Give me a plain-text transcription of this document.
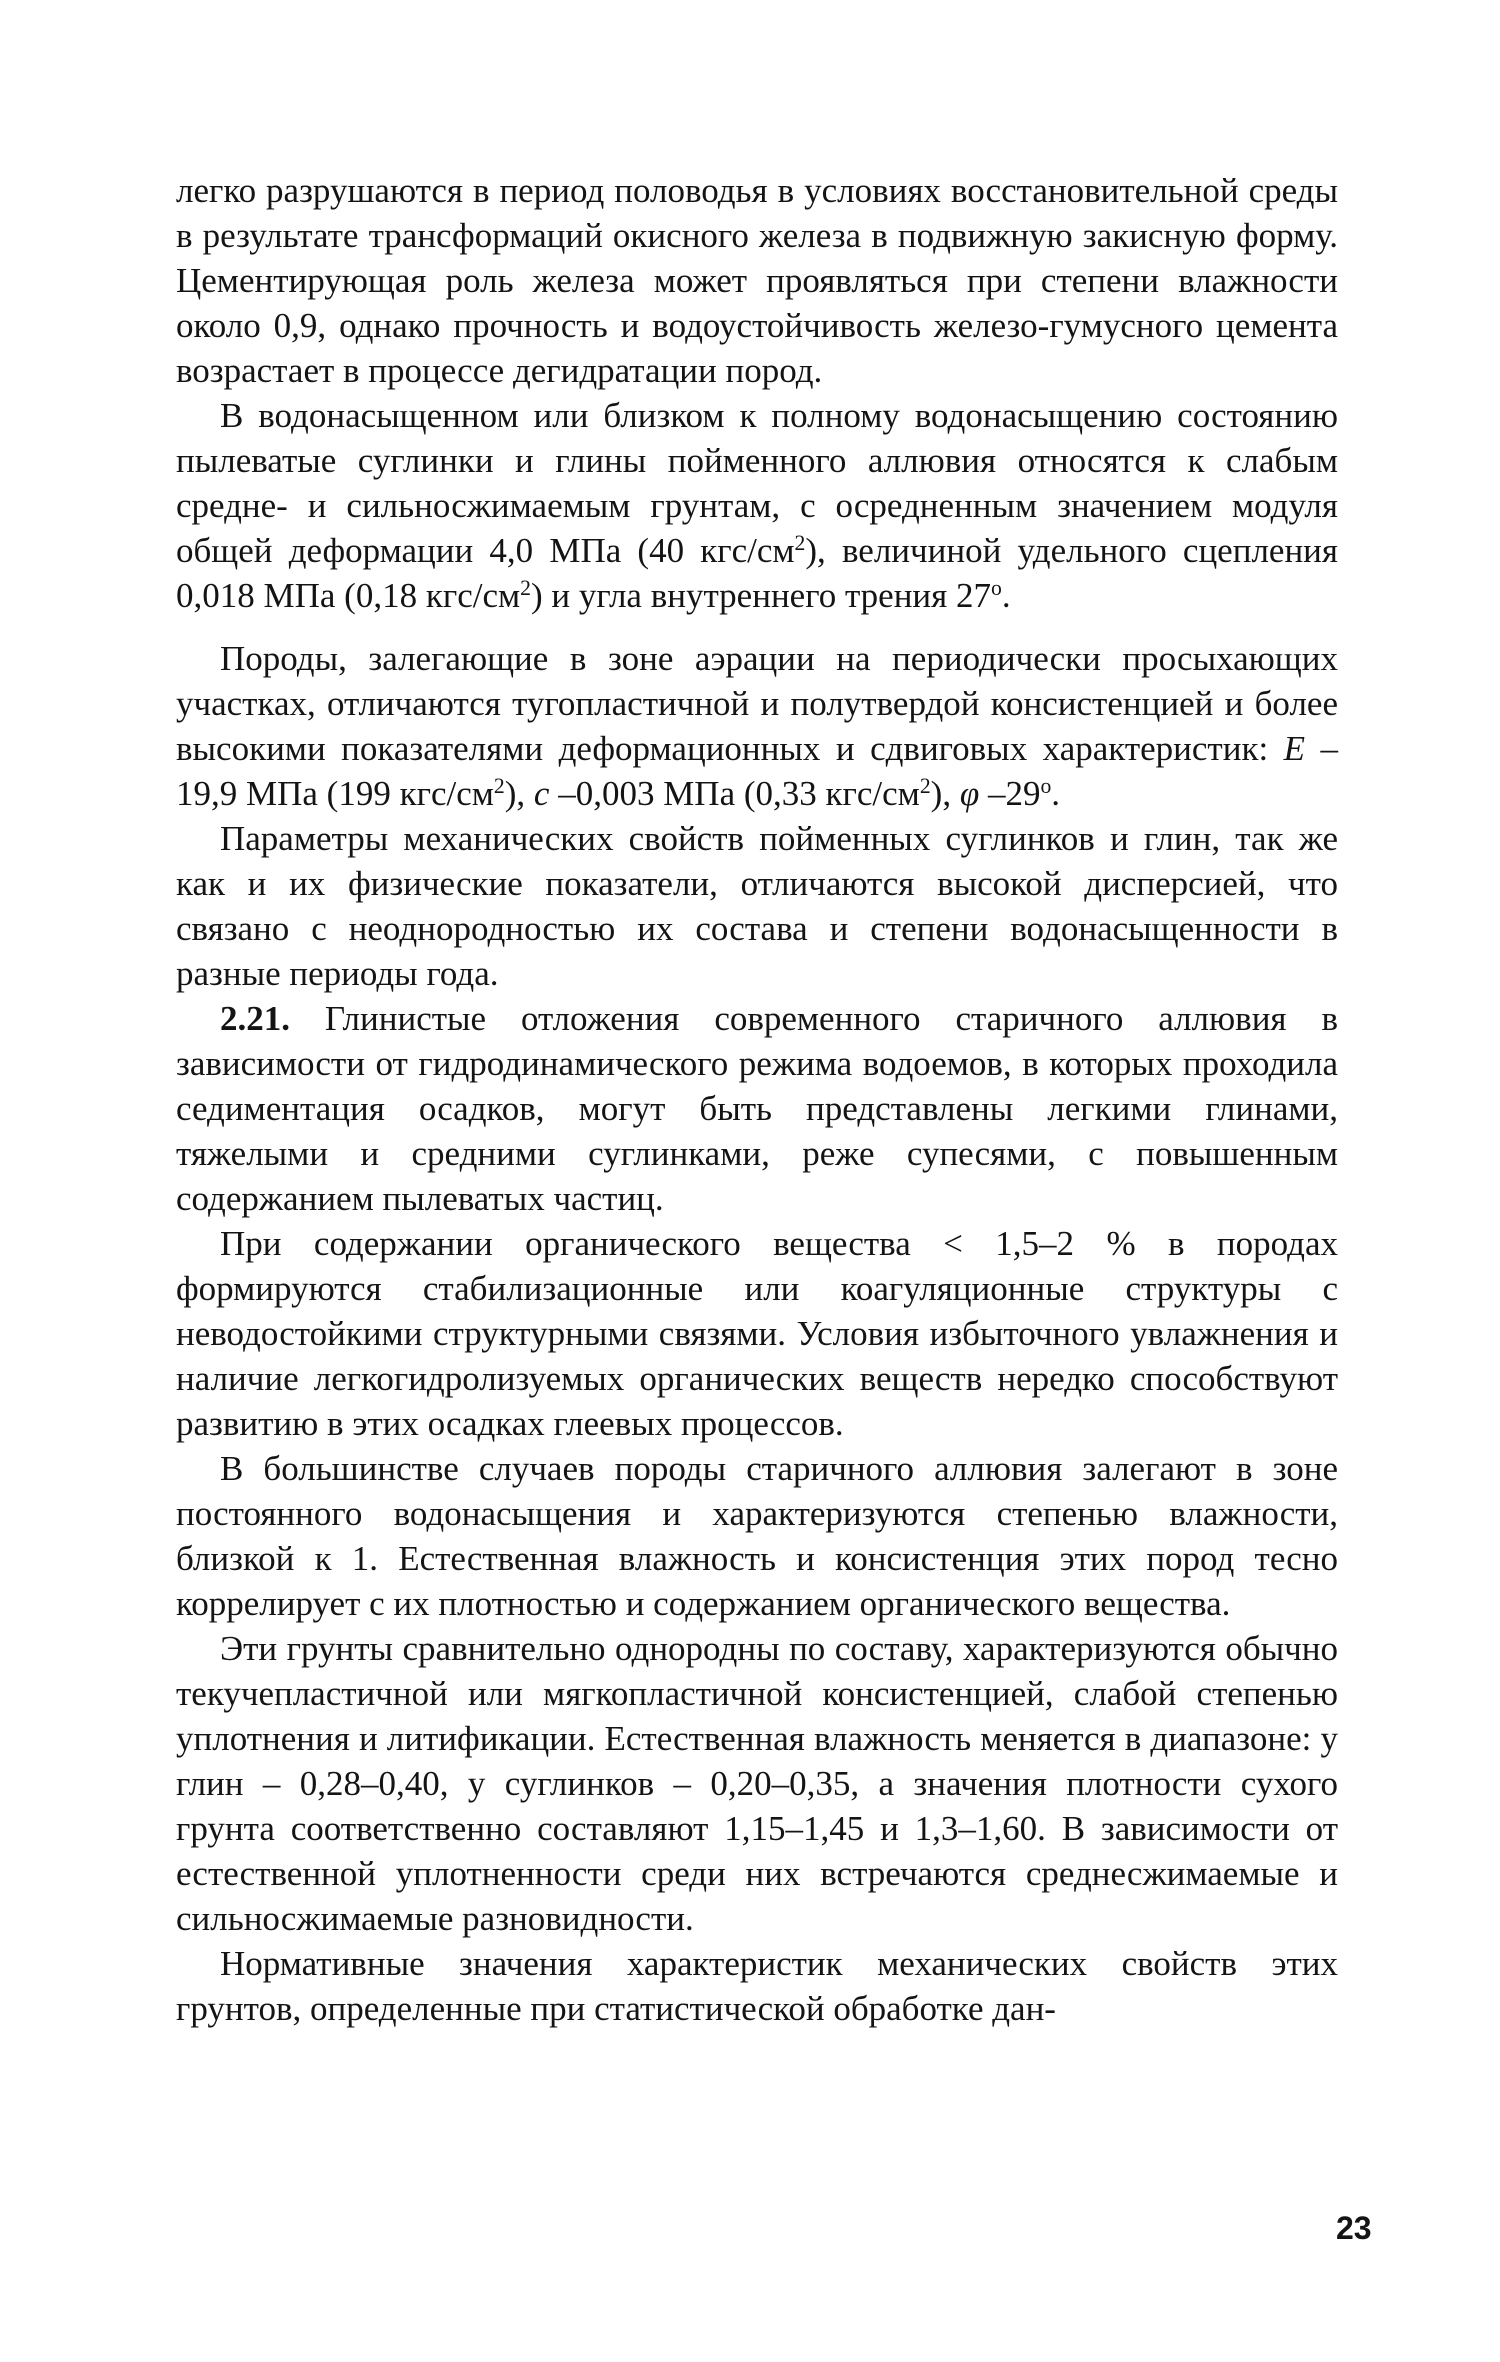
легко разрушаются в период половодья в условиях восстановительной среды в результате трансформаций окисного железа в подвижную закисную форму. Цементирующая роль железа может проявляться при степени влажности около 0,9, однако прочность и водоустойчивость железо-гумусного цемента возрастает в процессе дегидратации пород.

В водонасыщенном или близком к полному водонасыщению состоянию пылеватые суглинки и глины пойменного аллювия относятся к слабым средне- и сильносжимаемым грунтам, с осредненным значением модуля общей деформации 4,0 МПа (40 кгс/$см^2$), величиной удельного сцепления 0,018 МПа (0,18 кгс/$см^2$) и угла внутреннего трения $27^о$.

Породы, залегающие в зоне аэрации на периодически просыхающих участках, отличаются тугопластичной и полутвердой консистенцией и более высокими показателями деформационных и сдвиговых характеристик: Е –19,9 МПа (199 кгс/$см^2$), с –0,003 МПа (0,33 кгс/$см^2$), φ $-29^о$.

Параметры механических свойств пойменных суглинков и глин, так же как и их физические показатели, отличаются высокой дисперсией, что связано с неоднородностью их состава и степени водонасыщенности в разные периоды года.

2.21. Глинистые отложения современного старичного аллювия в зависимости от гидродинамического режима водоемов, в которых проходила седиментация осадков, могут быть представлены легкими глинами, тяжелыми и средними суглинками, реже супесями, с повышенным содержанием пылеватых частиц.

При содержании органического вещества < 1,5–2 % в породах формируются стабилизационные или коагуляционные структуры с неводостойкими структурными связями. Условия избыточного увлажнения и наличие легкогидролизуемых органических веществ нередко способствуют развитию в этих осадках глеевых процессов.

В большинстве случаев породы старичного аллювия залегают в зоне постоянного водонасыщения и характеризуются степенью влажности, близкой к 1. Естественная влажность и консистенция этих пород тесно коррелирует с их плотностью и содержанием органического вещества.

Эти грунты сравнительно однородны по составу, характеризуются обычно текучепластичной или мягкопластичной консистенцией, слабой степенью уплотнения и литификации. Естественная влажность меняется в диапазоне: у глин – 0,28–0,40, у суглинков – 0,20–0,35, а значения плотности сухого грунта соответственно составляют 1,15–1,45 и 1,3–1,60. В зависимости от естественной уплотненности среди них встречаются среднесжимаемые и сильносжимаемые разновидности.

Нормативные значения характеристик механических свойств этих грунтов, определенные при статистической обработке дан-

23
